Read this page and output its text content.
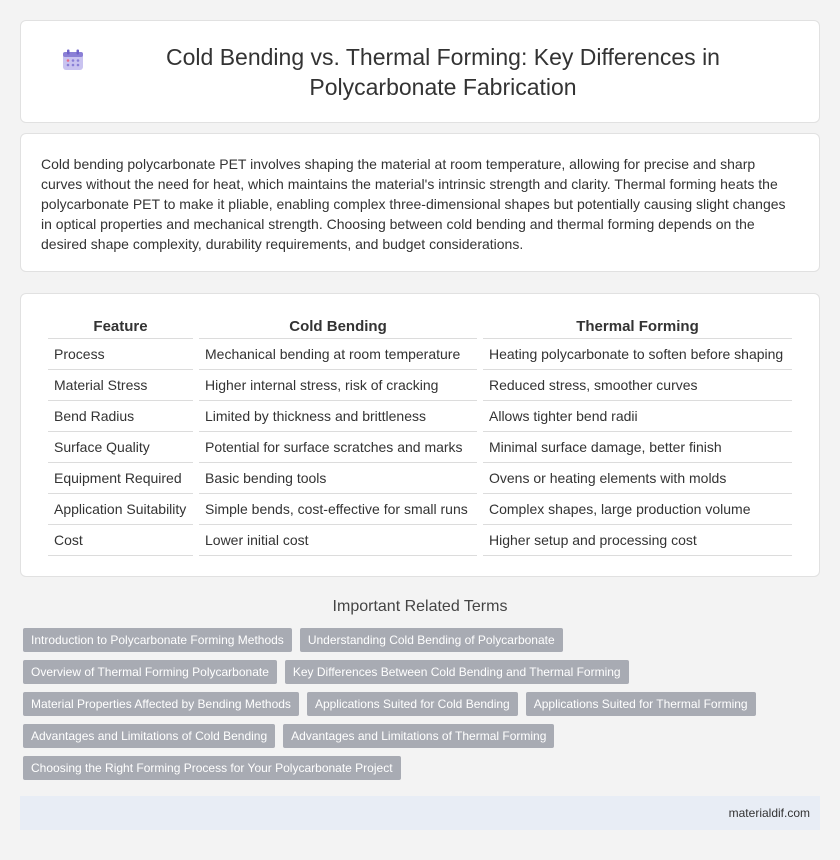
Cold Bending vs. Thermal Forming: Key Differences in Polycarbonate Fabrication

Cold bending polycarbonate PET involves shaping the material at room temperature, allowing for precise and sharp curves without the need for heat, which maintains the material's intrinsic strength and clarity. Thermal forming heats the polycarbonate PET to make it pliable, enabling complex three-dimensional shapes but potentially causing slight changes in optical properties and mechanical strength. Choosing between cold bending and thermal forming depends on the desired shape complexity, durability requirements, and budget considerations.

Feature		Cold Bending		Thermal Forming
Process		Mechanical bending at room temperature		Heating polycarbonate to soften before shaping
Material Stress		Higher internal stress, risk of cracking		Reduced stress, smoother curves
Bend Radius		Limited by thickness and brittleness		Allows tighter bend radii
Surface Quality		Potential for surface scratches and marks		Minimal surface damage, better finish
Equipment Required		Basic bending tools		Ovens or heating elements with molds
Application Suitability		Simple bends, cost-effective for small runs		Complex shapes, large production volume
Cost		Lower initial cost		Higher setup and processing cost
Important Related Terms
Introduction to Polycarbonate Forming Methods	Understanding Cold Bending of Polycarbonate
Overview of Thermal Forming Polycarbonate	Key Differences Between Cold Bending and Thermal Forming
Material Properties Affected by Bending Methods	Applications Suited for Cold Bending	Applications Suited for Thermal Forming
Advantages and Limitations of Cold Bending	Advantages and Limitations of Thermal Forming
Choosing the Right Forming Process for Your Polycarbonate Project
materialdif.com
